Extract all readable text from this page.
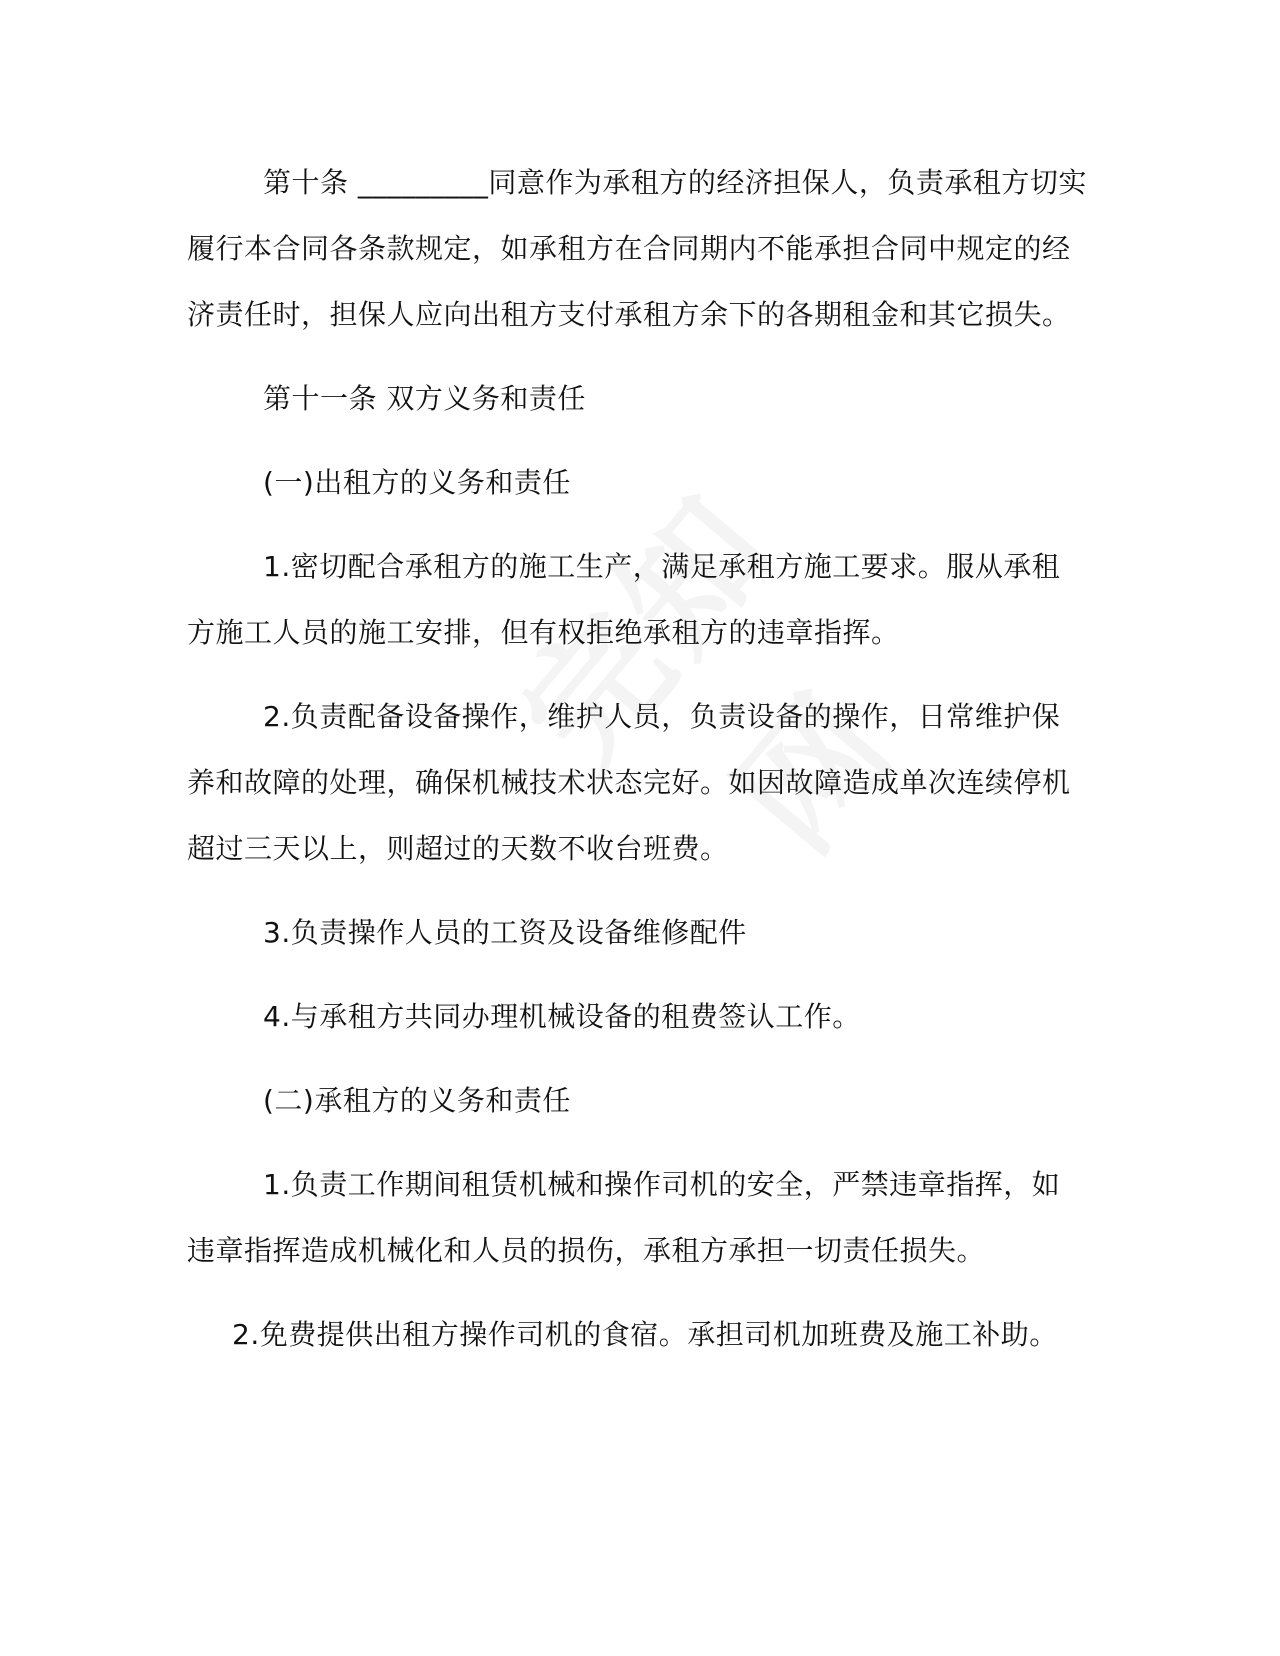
第十条 _________同意作为承租方的经济担保人，负责承租方切实履行本合同各条款规定，如承租方在合同期内不能承担合同中规定的经济责任时，担保人应向出租方支付承租方余下的各期租金和其它损失。

第十一条 双方义务和责任

(一)出租方的义务和责任

1.密切配合承租方的施工生产，满足承租方施工要求。服从承租方施工人员的施工安排，但有权拒绝承租方的违章指挥。

2.负责配备设备操作，维护人员，负责设备的操作，日常维护保养和故障的处理，确保机械技术状态完好。如因故障造成单次连续停机超过三天以上，则超过的天数不收台班费。

3.负责操作人员的工资及设备维修配件

4.与承租方共同办理机械设备的租费签认工作。

(二)承租方的义务和责任

1.负责工作期间租赁机械和操作司机的安全，严禁违章指挥，如违章指挥造成机械化和人员的损伤，承租方承担一切责任损失。

2.免费提供出租方操作司机的食宿。承担司机加班费及施工补助。
